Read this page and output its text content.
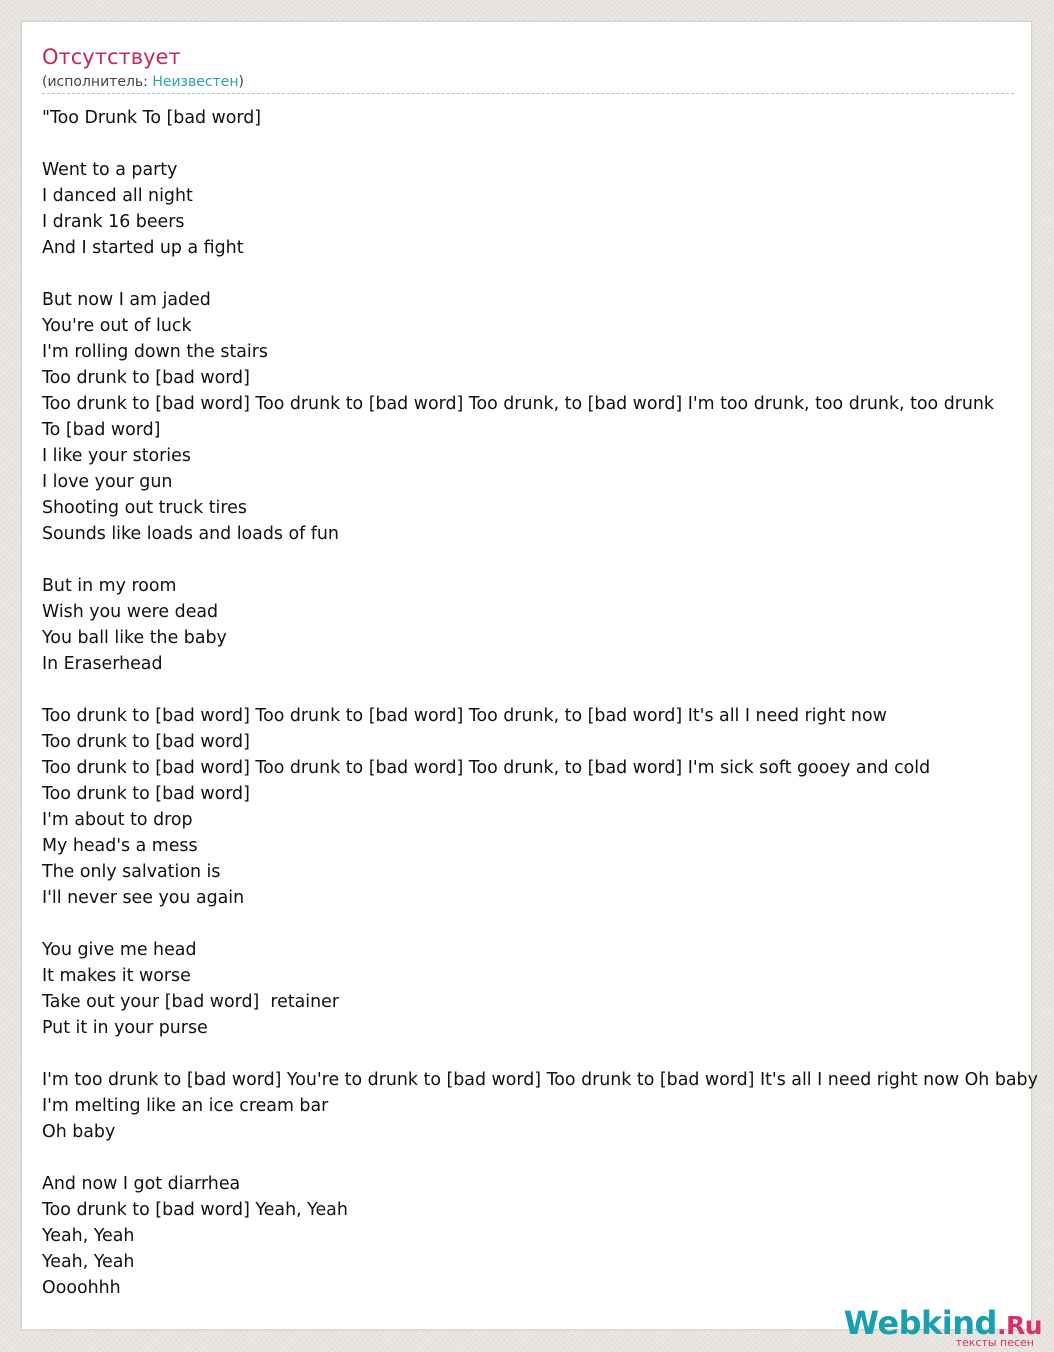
Отсутствует
(исполнитель: Неизвестен)
"Too Drunk To [bad word]

Went to a party
I danced all night
I drank 16 beers
And I started up a fight

But now I am jaded
You're out of luck
I'm rolling down the stairs
Too drunk to [bad word]
Too drunk to [bad word] Too drunk to [bad word] Too drunk, to [bad word] I'm too drunk, too drunk, too drunk
To [bad word]
I like your stories
I love your gun
Shooting out truck tires
Sounds like loads and loads of fun

But in my room
Wish you were dead
You ball like the baby
In Eraserhead

Too drunk to [bad word] Too drunk to [bad word] Too drunk, to [bad word] It's all I need right now
Too drunk to [bad word]
Too drunk to [bad word] Too drunk to [bad word] Too drunk, to [bad word] I'm sick soft gooey and cold
Too drunk to [bad word]
I'm about to drop
My head's a mess
The only salvation is
I'll never see you again

You give me head
It makes it worse
Take out your [bad word]  retainer
Put it in your purse

I'm too drunk to [bad word] You're to drunk to [bad word] Too drunk to [bad word] It's all I need right now Oh baby
I'm melting like an ice cream bar
Oh baby

And now I got diarrhea
Too drunk to [bad word] Yeah, Yeah
Yeah, Yeah
Yeah, Yeah
Oooohhh
Webkind.Ru
тексты песен
